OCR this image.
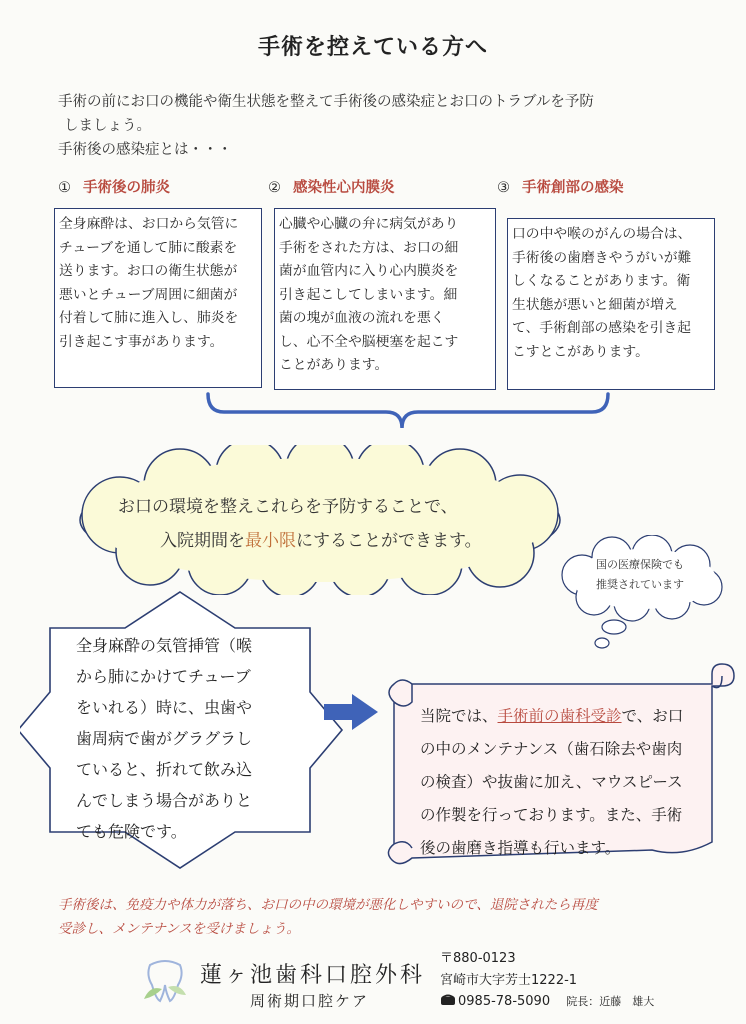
手術を控えている方へ
手術の前にお口の機能や衛生状態を整えて手術後の感染症とお口のトラブルを予防
しましょう。
手術後の感染症とは・・・
① 手術後の肺炎	② 感染性心内膜炎	③ 手術創部の感染
全身麻酔は、お口から気管に
チューブを通して肺に酸素を
送ります。お口の衛生状態が
悪いとチューブ周囲に細菌が
付着して肺に進入し、肺炎を
引き起こす事があります。
心臓や心臓の弁に病気があり
手術をされた方は、お口の細
菌が血管内に入り心内膜炎を
引き起こしてしまいます。細
菌の塊が血液の流れを悪く
し、心不全や脳梗塞を起こす
ことがあります。
口の中や喉のがんの場合は、
手術後の歯磨きやうがいが難
しくなることがあります。衛
生状態が悪いと細菌が増え
て、手術創部の感染を引き起
こすとこがあります。
お口の環境を整えこれらを予防することで、
入院期間を最小限にすることができます。
国の医療保険でも
推奨されています
全身麻酔の気管挿管（喉
から肺にかけてチューブ
をいれる）時に、虫歯や
歯周病で歯がグラグラし
ていると、折れて飲み込
んでしまう場合がありと
ても危険です。
当院では、手術前の歯科受診で、お口
の中のメンテナンス（歯石除去や歯肉
の検査）や抜歯に加え、マウスピース
の作製を行っております。また、手術
後の歯磨き指導も行います。
手術後は、免疫力や体力が落ち、お口の中の環境が悪化しやすいので、退院されたら再度
受診し、メンテナンスを受けましょう。
蓮ヶ池歯科口腔外科
周術期口腔ケア
〒880-0123
宮崎市大字芳士1222-1
0985-78-5090 院長：近藤　雄大
